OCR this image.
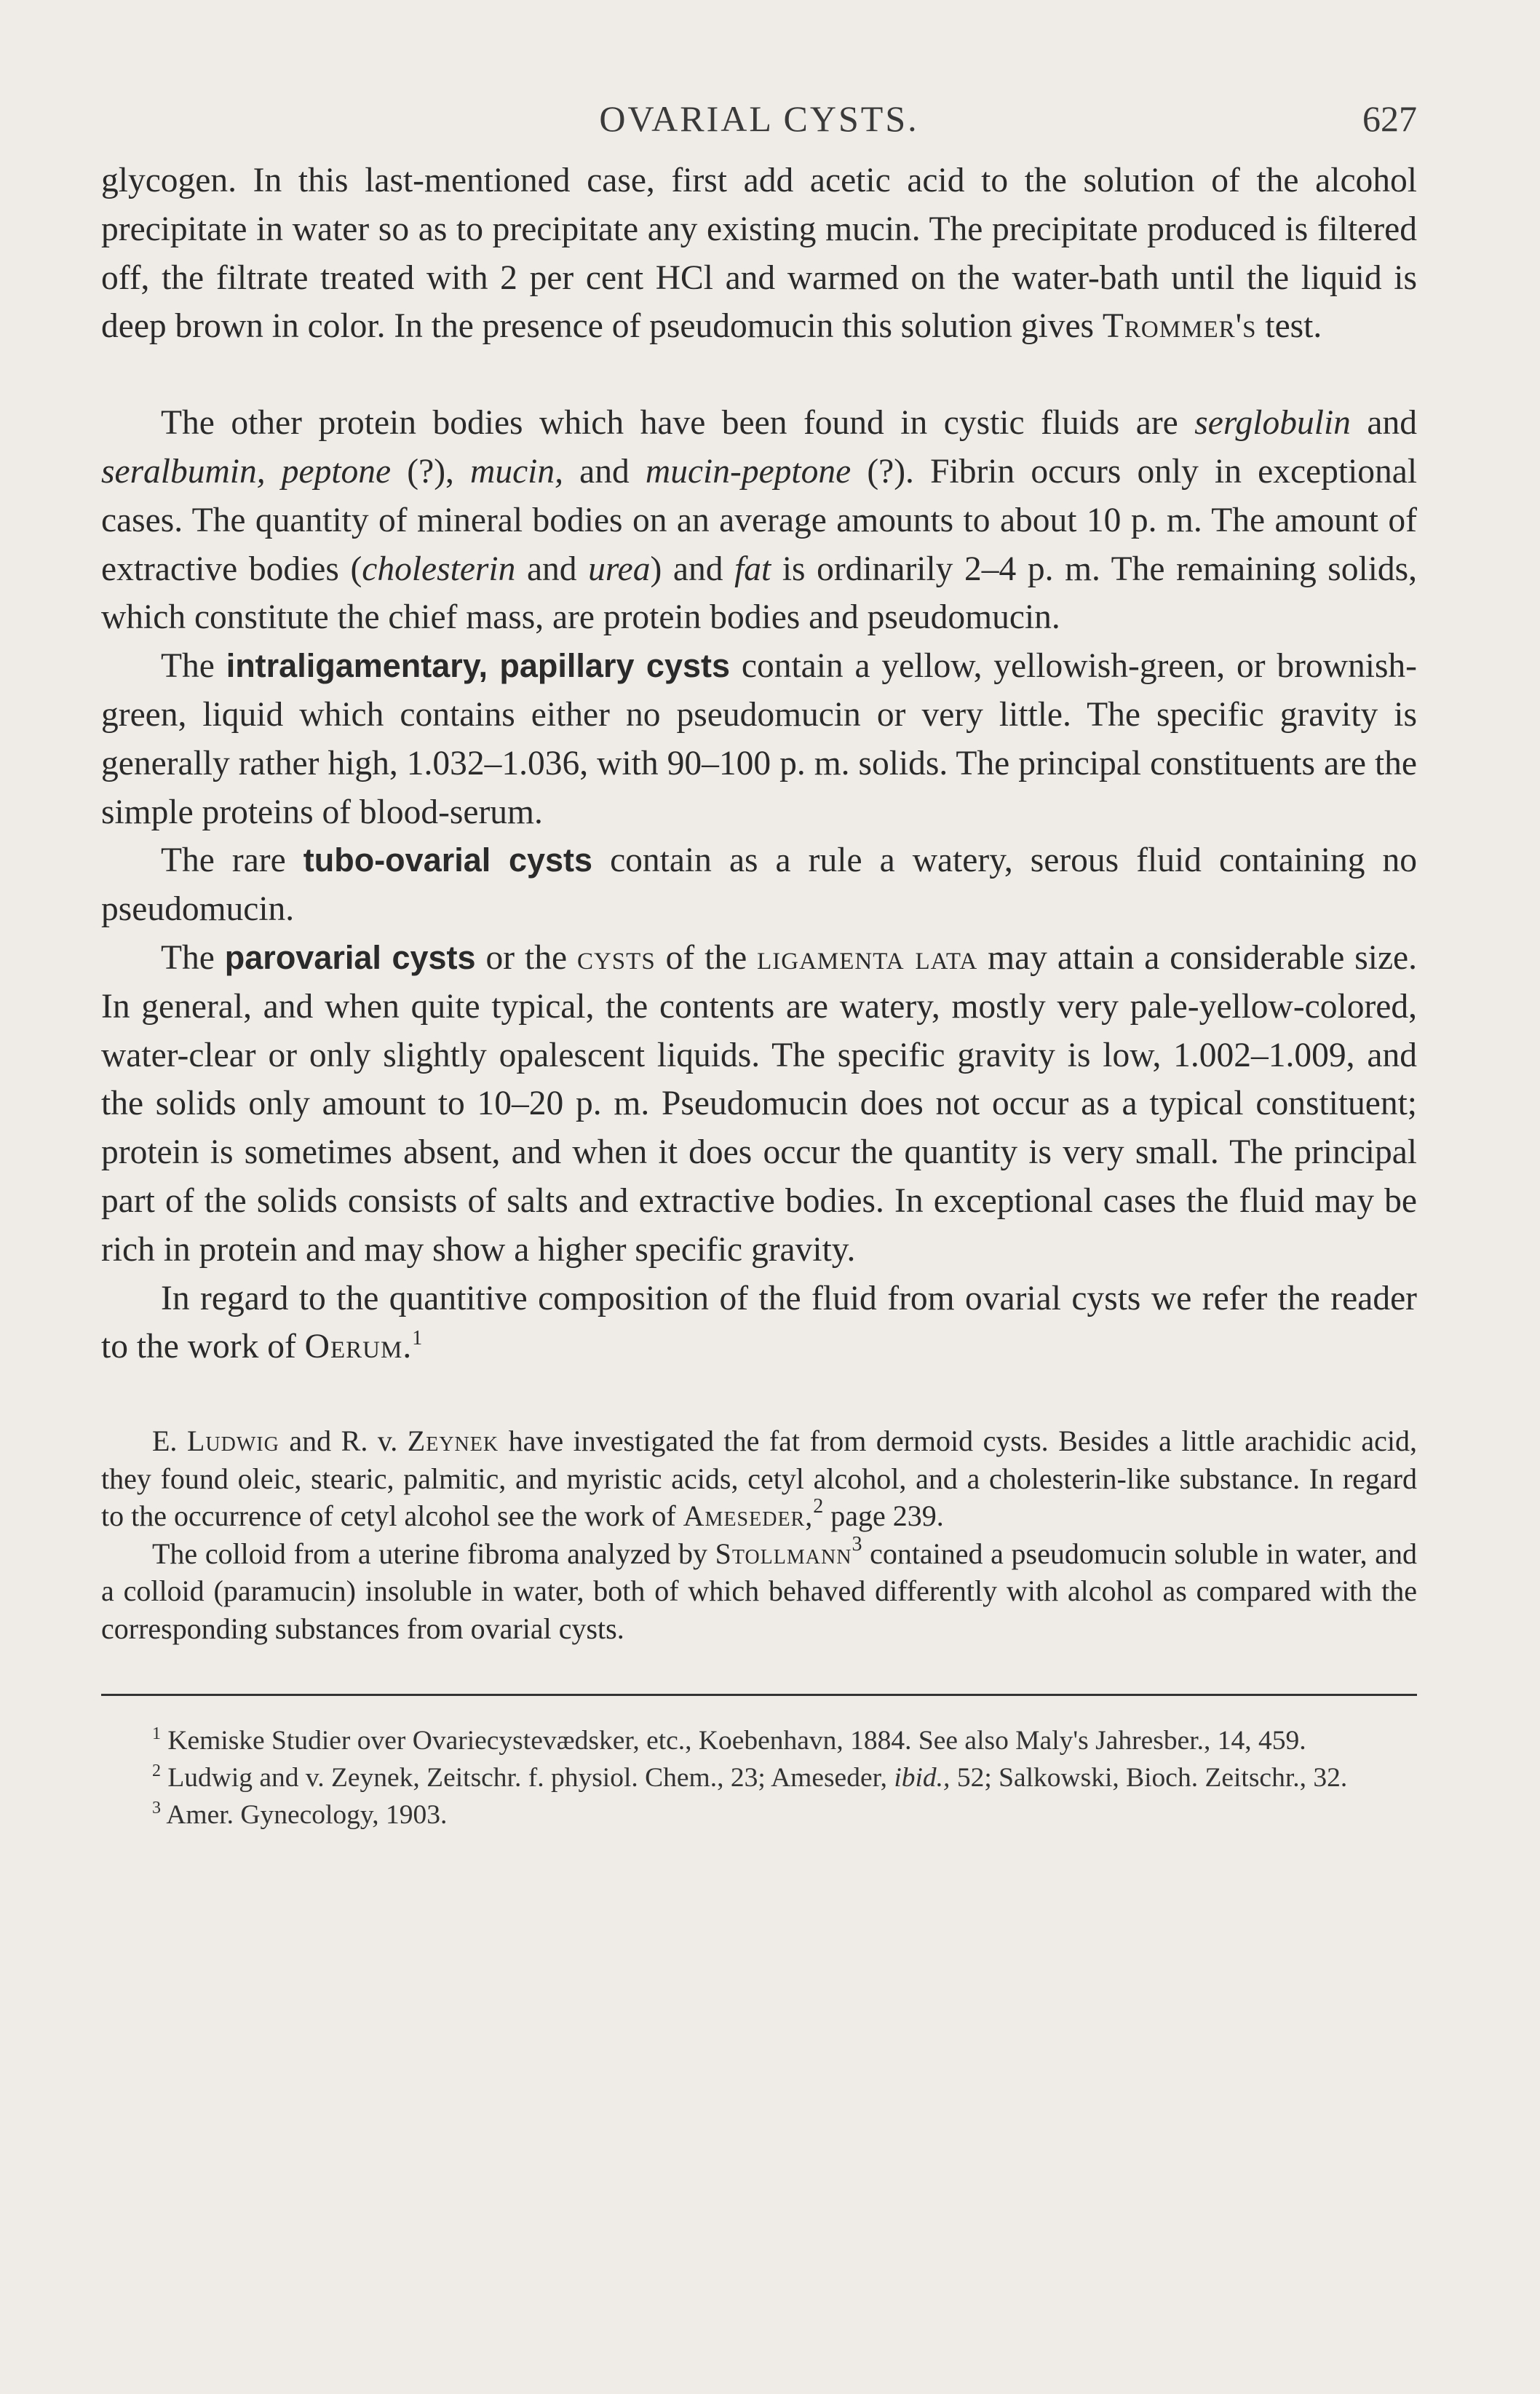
OVARIAL CYSTS.	627

glycogen. In this last-mentioned case, first add acetic acid to the solution of the alcohol precipitate in water so as to precipitate any existing mucin. The precipitate produced is filtered off, the filtrate treated with 2 per cent HCl and warmed on the water-bath until the liquid is deep brown in color. In the presence of pseudomucin this solution gives Trommer's test.

The other protein bodies which have been found in cystic fluids are serglobulin and seralbumin, peptone (?), mucin, and mucin-peptone (?). Fibrin occurs only in exceptional cases. The quantity of mineral bodies on an average amounts to about 10 p. m. The amount of extractive bodies (cholesterin and urea) and fat is ordinarily 2–4 p. m. The remaining solids, which constitute the chief mass, are protein bodies and pseudomucin.

The intraligamentary, papillary cysts contain a yellow, yellowish-green, or brownish-green, liquid which contains either no pseudomucin or very little. The specific gravity is generally rather high, 1.032–1.036, with 90–100 p. m. solids. The principal constituents are the simple proteins of blood-serum.

The rare tubo-ovarial cysts contain as a rule a watery, serous fluid containing no pseudomucin.

The parovarial cysts or the cysts of the ligamenta lata may attain a considerable size. In general, and when quite typical, the contents are watery, mostly very pale-yellow-colored, water-clear or only slightly opalescent liquids. The specific gravity is low, 1.002–1.009, and the solids only amount to 10–20 p. m. Pseudomucin does not occur as a typical constituent; protein is sometimes absent, and when it does occur the quantity is very small. The principal part of the solids consists of salts and extractive bodies. In exceptional cases the fluid may be rich in protein and may show a higher specific gravity.

In regard to the quantitive composition of the fluid from ovarial cysts we refer the reader to the work of Oerum.$^1$

E. Ludwig and R. v. Zeynek have investigated the fat from dermoid cysts. Besides a little arachidic acid, they found oleic, stearic, palmitic, and myristic acids, cetyl alcohol, and a cholesterin-like substance. In regard to the occurrence of cetyl alcohol see the work of Ameseder,$^2$ page 239.

The colloid from a uterine fibroma analyzed by Stollmann$^3$ contained a pseudomucin soluble in water, and a colloid (paramucin) insoluble in water, both of which behaved differently with alcohol as compared with the corresponding substances from ovarial cysts.

$^1$ Kemiske Studier over Ovariecystevædsker, etc., Koebenhavn, 1884. See also Maly's Jahresber., 14, 459.

$^2$ Ludwig and v. Zeynek, Zeitschr. f. physiol. Chem., 23; Ameseder, ibid., 52; Salkowski, Bioch. Zeitschr., 32.

$^3$ Amer. Gynecology, 1903.
